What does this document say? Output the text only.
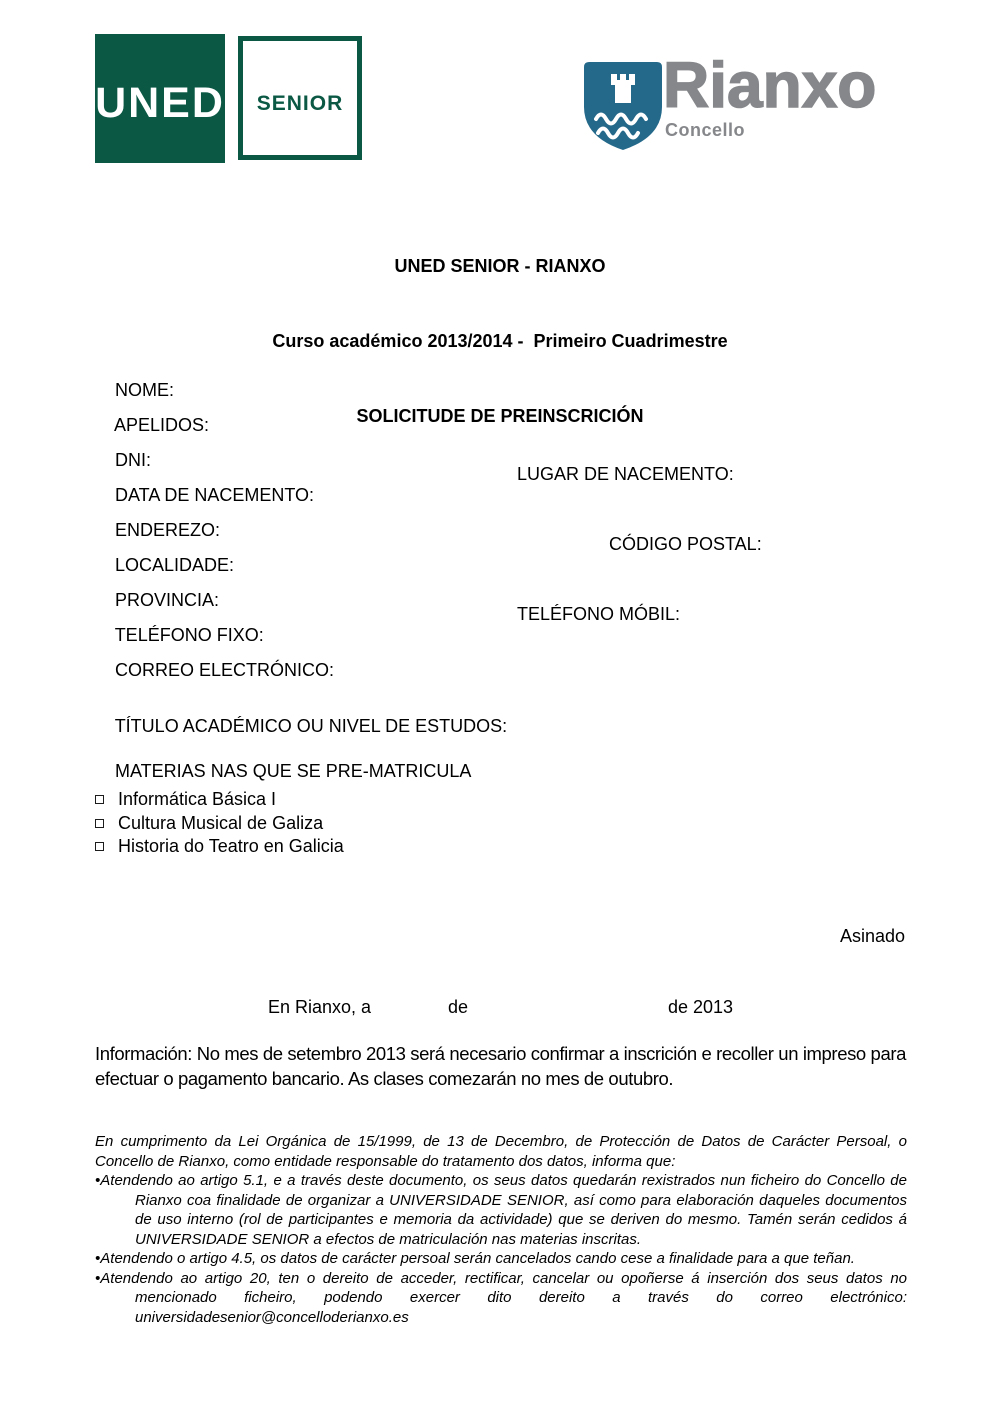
UNED SENIOR	Rianxo
Concello

UNED SENIOR - RIANXO

Curso académico 2013/2014 -  Primeiro Cuadrimestre

SOLICITUDE DE PREINSCRICIÓN

NOME:

APELIDOS:

DNI:

DATA DE NACEMENTO:

LUGAR DE NACEMENTO:

ENDEREZO:

LOCALIDADE:

CÓDIGO POSTAL:

PROVINCIA:

TELÉFONO FIXO:

TELÉFONO MÓBIL:

CORREO ELECTRÓNICO:

TÍTULO ACADÉMICO OU NIVEL DE ESTUDOS:

MATERIAS NAS QUE SE PRE-MATRICULA

Informática Básica I
Cultura Musical de Galiza
Historia do Teatro en Galicia
Asinado
En Rianxo, a	de	de 2013
Información: No mes de setembro 2013 será necesario confirmar a inscrición e recoller un impreso para efectuar o pagamento bancario. As clases comezarán no mes de outubro.

En cumprimento da Lei Orgánica de 15/1999, de 13 de Decembro, de Protección de Datos de Carácter Persoal, o Concello de Rianxo, como entidade responsable do tratamento dos datos, informa que:

• Atendendo ao artigo 5.1, e a través deste documento, os seus datos quedarán rexistrados nun ficheiro do Concello de Rianxo coa finalidade de organizar a UNIVERSIDADE SENIOR, así como para elaboración daqueles documentos de uso interno (rol de participantes e memoria da actividade) que se deriven do mesmo. Tamén serán cedidos á UNIVERSIDADE SENIOR a efectos de matriculación nas materias inscritas.

• Atendendo o artigo 4.5, os datos de carácter persoal serán cancelados cando cese a finalidade para a que teñan.

• Atendendo ao artigo 20, ten o dereito de acceder, rectificar, cancelar ou opoñerse á inserción dos seus datos no mencionado ficheiro, podendo exercer dito dereito a través do correo electrónico: universidadesenior@concelloderianxo.es
